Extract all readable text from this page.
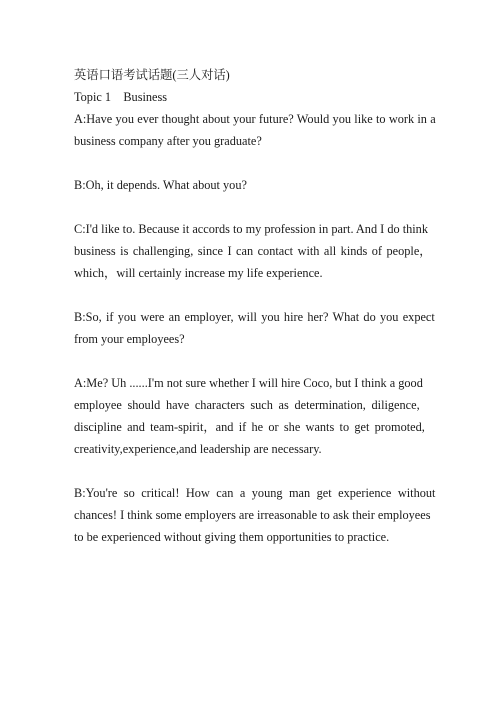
英语口语考试话题(三人对话)
Topic 1    Business
A:Have you ever thought about your future? Would you like to work in a
business company after you graduate?
B:Oh, it depends. What about you?
C:I'd like to. Because it accords to my profession in part. And I do think
business is challenging, since I can contact with all kinds of people，
which，will certainly increase my life experience.
B:So, if you were an employer, will you hire her? What do you expect
from your employees?
A:Me? Uh ......I'm not sure whether I will hire Coco, but I think a good
employee should have characters such as determination, diligence,
discipline and team-spirit，and if he or she wants to get promoted,
creativity,experience,and leadership are necessary.
B:You're so critical! How can a young man get experience without
chances! I think some employers are irreasonable to ask their employees
to be experienced without giving them opportunities to practice.
